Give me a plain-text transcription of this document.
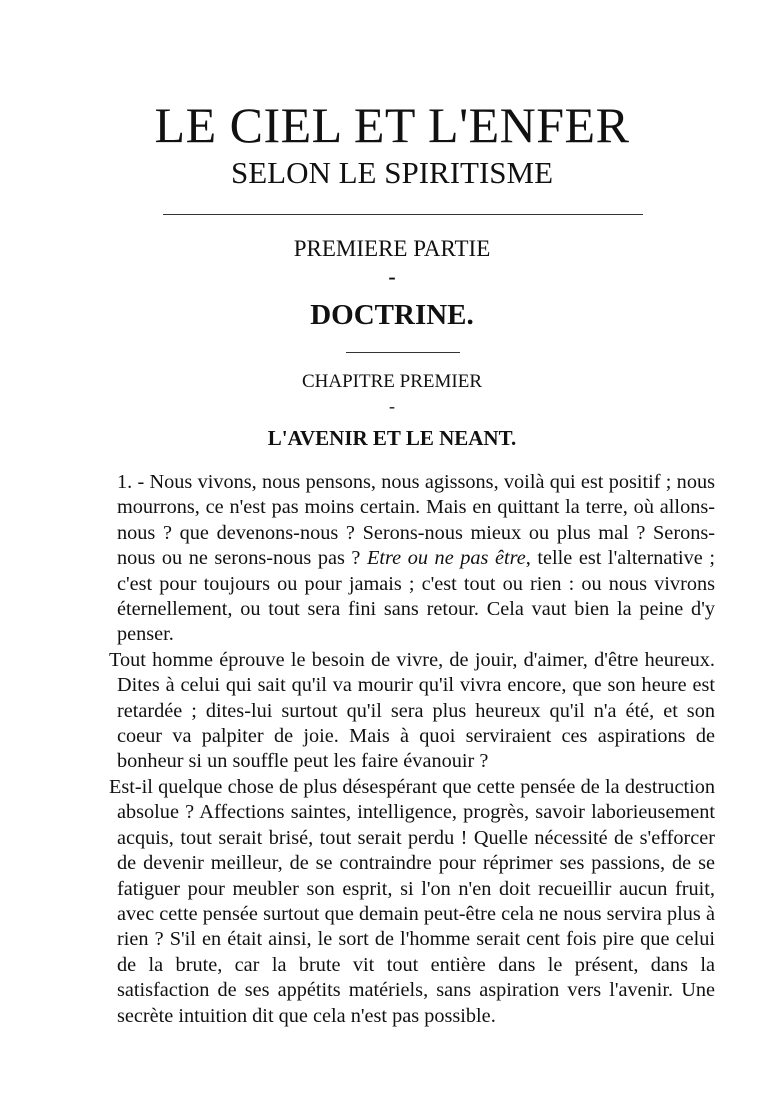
LE CIEL ET L'ENFER
SELON LE SPIRITISME
PREMIERE PARTIE
-
DOCTRINE.
CHAPITRE PREMIER
-
L'AVENIR ET LE NEANT.

1. - Nous vivons, nous pensons, nous agissons, voilà qui est positif ; nous mourrons, ce n'est pas moins certain. Mais en quittant la terre, où allons-nous ? que devenons-nous ? Serons-nous mieux ou plus mal ? Serons-nous ou ne serons-nous pas ? Etre ou ne pas être, telle est l'alternative ; c'est pour toujours ou pour jamais ; c'est tout ou rien : ou nous vivrons éternellement, ou tout sera fini sans retour. Cela vaut bien la peine d'y penser.

Tout homme éprouve le besoin de vivre, de jouir, d'aimer, d'être heureux. Dites à celui qui sait qu'il va mourir qu'il vivra encore, que son heure est retardée ; dites-lui surtout qu'il sera plus heureux qu'il n'a été, et son coeur va palpiter de joie. Mais à quoi serviraient ces aspirations de bonheur si un souffle peut les faire évanouir ?

Est-il quelque chose de plus désespérant que cette pensée de la destruction absolue ? Affections saintes, intelligence, progrès, savoir laborieusement acquis, tout serait brisé, tout serait perdu ! Quelle nécessité de s'efforcer de devenir meilleur, de se contraindre pour réprimer ses passions, de se fatiguer pour meubler son esprit, si l'on n'en doit recueillir aucun fruit, avec cette pensée surtout que demain peut-être cela ne nous servira plus à rien ? S'il en était ainsi, le sort de l'homme serait cent fois pire que celui de la brute, car la brute vit tout entière dans le présent, dans la satisfaction de ses appétits matériels, sans aspiration vers l'avenir. Une secrète intuition dit que cela n'est pas possible.
